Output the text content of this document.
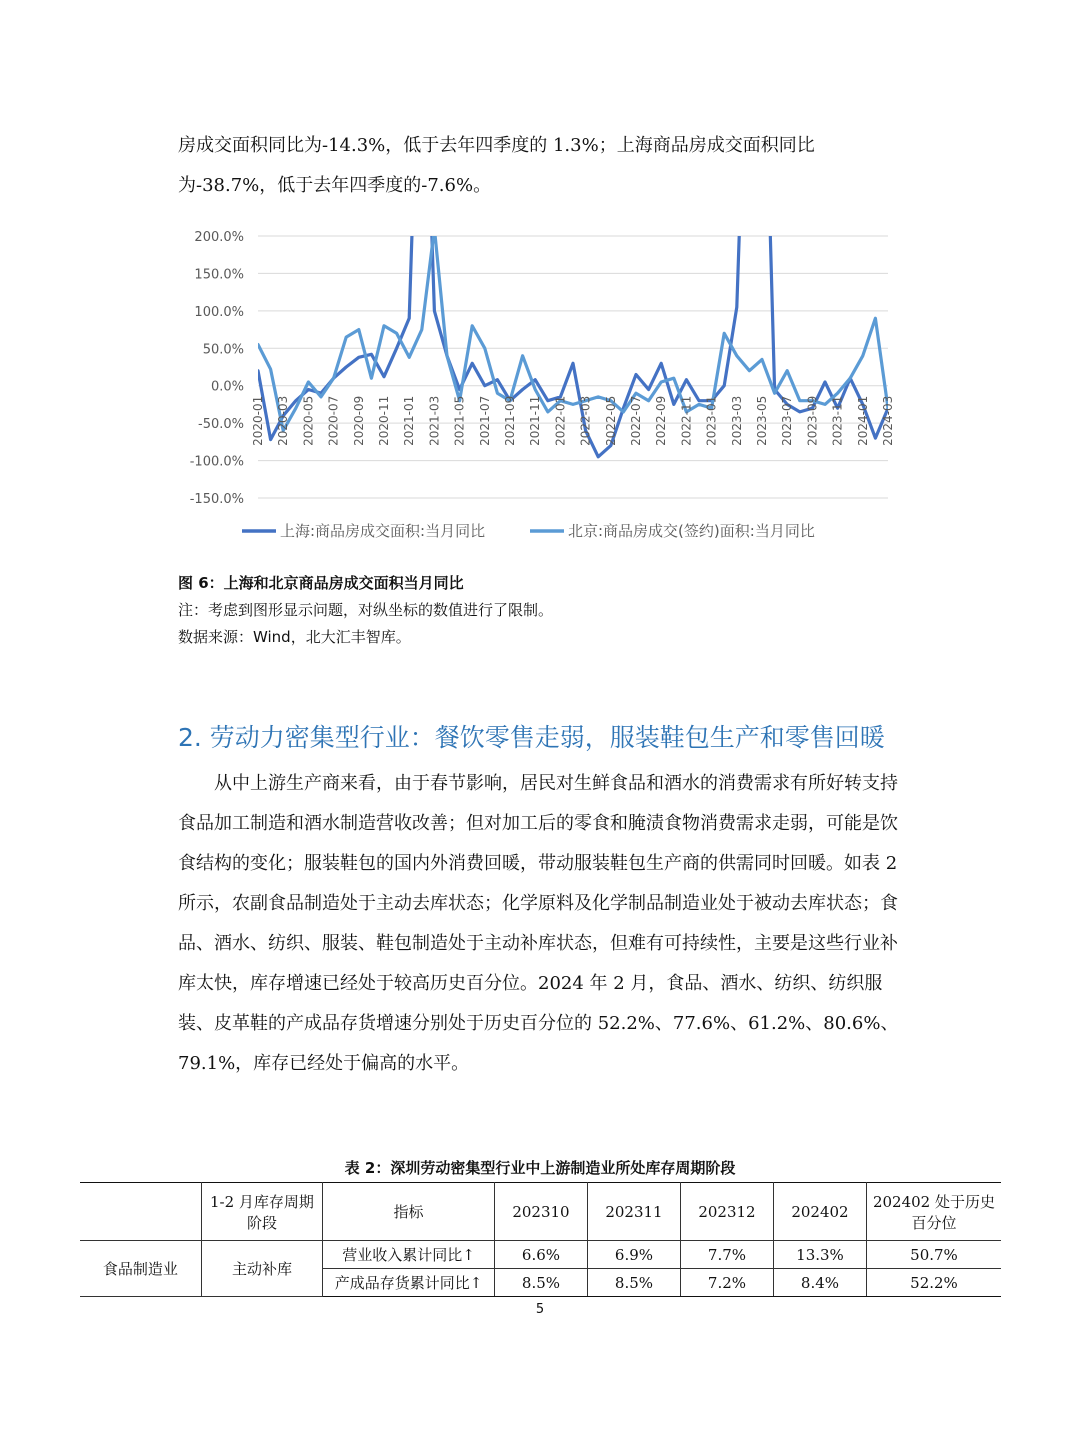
房成交面积同比为-14.3%，低于去年四季度的 1.3%；上海商品房成交面积同比为-38.7%，低于去年四季度的-7.6%。

200.0%
150.0%
100.0%
50.0%
0.0%
-50.0%
-100.0%
-150.0%
2020-01 2020-03 2020-05 2020-07 2020-09 2020-11 2021-01 2021-03 2021-05 2021-07 2021-09 2021-11 2022-01 2022-03 2022-05 2022-07 2022-09 2022-11 2023-01 2023-03 2023-05 2023-07 2023-09 2023-11 2024-01 2024-03
上海:商品房成交面积:当月同比	北京:商品房成交(签约)面积:当月同比

图 6：上海和北京商品房成交面积当月同比

注：考虑到图形显示问题，对纵坐标的数值进行了限制。

数据来源：Wind，北大汇丰智库。

2. 劳动力密集型行业：餐饮零售走弱，服装鞋包生产和零售回暖

从中上游生产商来看，由于春节影响，居民对生鲜食品和酒水的消费需求有所好转支持食品加工制造和酒水制造营收改善；但对加工后的零食和腌渍食物消费需求走弱，可能是饮食结构的变化；服装鞋包的国内外消费回暖，带动服装鞋包生产商的供需同时回暖。如表 2 所示，农副食品制造处于主动去库状态；化学原料及化学制品制造业处于被动去库状态；食品、酒水、纺织、服装、鞋包制造处于主动补库状态，但难有可持续性，主要是这些行业补库太快，库存增速已经处于较高历史百分位。2024 年 2 月，食品、酒水、纺织、纺织服装、皮革鞋的产成品存货增速分别处于历史百分位的 52.2%、77.6%、61.2%、80.6%、79.1%，库存已经处于偏高的水平。

表 2：深圳劳动密集型行业中上游制造业所处库存周期阶段

	1-2 月库存周期阶段	指标	202310	202311	202312	202402	202402 处于历史百分位
食品制造业	主动补库	营业收入累计同比↑	6.6%	6.9%	7.7%	13.3%	50.7%
		产成品存货累计同比↑	8.5%	8.5%	7.2%	8.4%	52.2%
5
